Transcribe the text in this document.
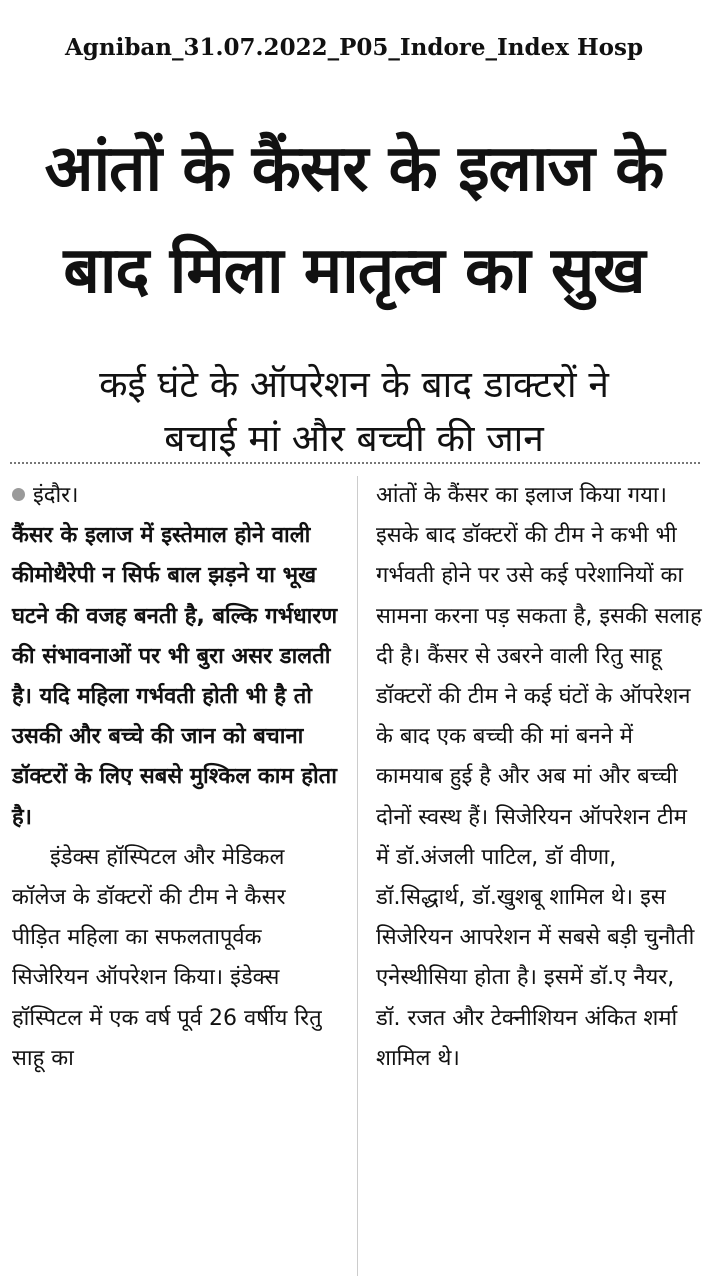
Agniban_31.07.2022_P05_Indore_Index Hosp
आंतों के कैंसर के इलाज के
बाद मिला मातृत्व का सुख
कई घंटे के ऑपरेशन के बाद डाक्टरों ने
बचाई मां और बच्ची की जान
इंदौर।
कैंसर के इलाज में इस्तेमाल होने वाली कीमोथैरेपी न सिर्फ बाल झड़ने या भूख घटने की वजह बनती है, बल्कि गर्भधारण की संभावनाओं पर भी बुरा असर डालती है। यदि महिला गर्भवती होती भी है तो उसकी और बच्चे की जान को बचाना डॉक्टरों के लिए सबसे मुश्किल काम होता है।
इंडेक्स हॉस्पिटल और मेडिकल कॉलेज के डॉक्टरों की टीम ने कैसर पीड़ित महिला का सफलतापूर्वक सिजेरियन ऑपरेशन किया। इंडेक्स हॉस्पिटल में एक वर्ष पूर्व 26 वर्षीय रितु साहू का
आंतों के कैंसर का इलाज किया गया। इसके बाद डॉक्टरों की टीम ने कभी भी गर्भवती होने पर उसे कई परेशानियों का सामना करना पड़ सकता है, इसकी सलाह दी है। कैंसर से उबरने वाली रितु साहू डॉक्टरों की टीम ने कई घंटों के ऑपरेशन के बाद एक बच्ची की मां बनने में कामयाब हुई है और अब मां और बच्ची दोनों स्वस्थ हैं। सिजेरियन ऑपरेशन टीम में डॉ.अंजली पाटिल, डॉ वीणा, डॉ.सिद्धार्थ, डॉ.खुशबू शामिल थे। इस सिजेरियन आपरेशन में सबसे बड़ी चुनौती एनेस्थीसिया होता है। इसमें डॉ.ए नैयर, डॉ. रजत और टेक्नीशियन अंकित शर्मा शामिल थे।
